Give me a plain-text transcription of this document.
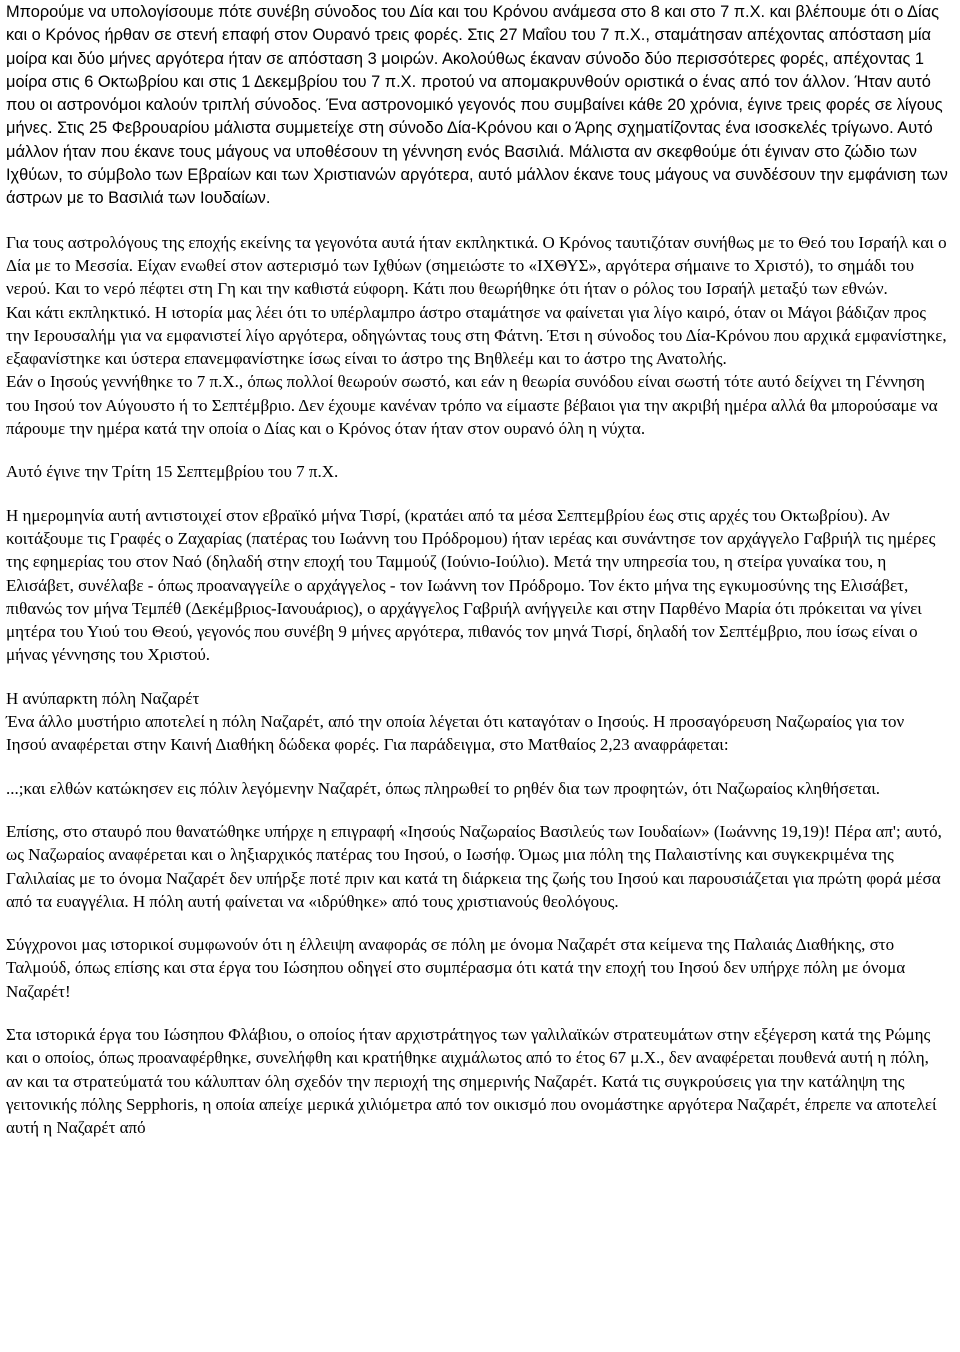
Μπορούμε να υπολογίσουμε πότε συνέβη σύνοδος του Δία και του Κρόνου ανάμεσα στο 8 και στο 7 π.Χ. και βλέπουμε ότι ο Δίας και ο Κρόνος ήρθαν σε στενή επαφή στον Ουρανό τρεις φορές. Στις 27 Μαΐου του 7 π.Χ., σταμάτησαν απέχοντας απόσταση μία μοίρα και δύο μήνες αργότερα ήταν σε απόσταση 3 μοιρών. Ακολούθως έκαναν σύνοδο δύο περισσότερες φορές, απέχοντας 1 μοίρα στις 6 Οκτωβρίου και στις 1 Δεκεμβρίου του 7 π.Χ. προτού να απομακρυνθούν οριστικά ο ένας από τον άλλον. Ήταν αυτό που οι αστρονόμοι καλούν τριπλή σύνοδος. Ένα αστρονομικό γεγονός που συμβαίνει κάθε 20 χρόνια, έγινε τρεις φορές σε λίγους μήνες. Στις 25 Φεβρουαρίου μάλιστα συμμετείχε στη σύνοδο Δία-Κρόνου και ο Άρης σχηματίζοντας ένα ισοσκελές τρίγωνο. Αυτό μάλλον ήταν που έκανε τους μάγους να υποθέσουν τη γέννηση ενός Βασιλιά. Μάλιστα αν σκεφθούμε ότι έγιναν στο ζώδιο των Ιχθύων, το σύμβολο των Εβραίων και των Χριστιανών αργότερα, αυτό μάλλον έκανε τους μάγους να συνδέσουν την εμφάνιση των άστρων με το Βασιλιά των Ιουδαίων.

Για τους αστρολόγους της εποχής εκείνης τα γεγονότα αυτά ήταν εκπληκτικά. Ο Κρόνος ταυτιζόταν συνήθως με το Θεό του Ισραήλ και ο Δία με το Μεσσία. Είχαν ενωθεί στον αστερισμό των Ιχθύων (σημειώστε το «ΙΧΘΥΣ», αργότερα σήμαινε το Χριστό), το σημάδι του νερού. Και το νερό πέφτει στη Γη και την καθιστά εύφορη. Κάτι που θεωρήθηκε ότι ήταν ο ρόλος του Ισραήλ μεταξύ των εθνών.

Και κάτι εκπληκτικό. Η ιστορία μας λέει ότι το υπέρλαμπρο άστρο σταμάτησε να φαίνεται για λίγο καιρό, όταν οι Μάγοι βάδιζαν προς την Ιερουσαλήμ για να εμφανιστεί λίγο αργότερα, οδηγώντας τους στη Φάτνη. Έτσι η σύνοδος του Δία-Κρόνου που αρχικά εμφανίστηκε, εξαφανίστηκε και ύστερα επανεμφανίστηκε ίσως είναι το άστρο της Βηθλεέμ και το άστρο της Ανατολής.

Εάν ο Ιησούς γεννήθηκε το 7 π.Χ., όπως πολλοί θεωρούν σωστό, και εάν η θεωρία συνόδου είναι σωστή τότε αυτό δείχνει τη Γέννηση του Ιησού τον Αύγουστο ή το Σεπτέμβριο. Δεν έχουμε κανέναν τρόπο να είμαστε βέβαιοι για την ακριβή ημέρα αλλά θα μπορούσαμε να πάρουμε την ημέρα κατά την οποία ο Δίας και ο Κρόνος όταν ήταν στον ουρανό όλη η νύχτα.

Αυτό έγινε την Τρίτη 15 Σεπτεμβρίου του 7 π.Χ.

Η ημερομηνία αυτή αντιστοιχεί στον εβραϊκό μήνα Τισρί, (κρατάει από τα μέσα Σεπτεμβρίου έως στις αρχές του Οκτωβρίου). Αν κοιτάξουμε τις Γραφές ο Ζαχαρίας (πατέρας του Ιωάννη του Πρόδρομου) ήταν ιερέας και συνάντησε τον αρχάγγελο Γαβριήλ τις ημέρες της εφημερίας του στον Ναό (δηλαδή στην εποχή του Ταμμούζ (Ιούνιο-Ιούλιο). Μετά την υπηρεσία του, η στείρα γυναίκα του, η Ελισάβετ, συνέλαβε - όπως προαναγγείλε ο αρχάγγελος - τον Ιωάννη τον Πρόδρομο. Τον έκτο μήνα της εγκυμοσύνης της Ελισάβετ, πιθανώς τον μήνα Τεμπέθ (Δεκέμβριος-Ιανουάριος), ο αρχάγγελος Γαβριήλ ανήγγειλε και στην Παρθένο Μαρία ότι πρόκειται να γίνει μητέρα του Υιού του Θεού, γεγονός που συνέβη 9 μήνες αργότερα, πιθανός τον μηνά Τισρί, δηλαδή τον Σεπτέμβριο, που ίσως είναι ο μήνας γέννησης του Χριστού.

Η ανύπαρκτη πόλη Ναζαρέτ

Ένα άλλο μυστήριο αποτελεί η πόλη Ναζαρέτ, από την οποία λέγεται ότι καταγόταν ο Ιησούς. Η προσαγόρευση Ναζωραίος για τον Ιησού αναφέρεται στην Καινή Διαθήκη δώδεκα φορές. Για παράδειγμα, στο Ματθαίος 2,23 αναφράφεται:

...;και ελθών κατώκησεν εις πόλιν λεγόμενην Ναζαρέτ, όπως πληρωθεί το ρηθέν δια των προφητών, ότι Ναζωραίος κληθήσεται.

Επίσης, στο σταυρό που θανατώθηκε υπήρχε η επιγραφή «Ιησούς Ναζωραίος Βασιλεύς των Ιουδαίων» (Ιωάννης 19,19)! Πέρα απ'; αυτό, ως Ναζωραίος αναφέρεται και ο ληξιαρχικός πατέρας του Ιησού, ο Ιωσήφ. Όμως μια πόλη της Παλαιστίνης και συγκεκριμένα της Γαλιλαίας με το όνομα Ναζαρέτ δεν υπήρξε ποτέ πριν και κατά τη διάρκεια της ζωής του Ιησού και παρουσιάζεται για πρώτη φορά μέσα από τα ευαγγέλια. Η πόλη αυτή φαίνεται να «ιδρύθηκε» από τους χριστιανούς θεολόγους.

Σύγχρονοι μας ιστορικοί συμφωνούν ότι η έλλειψη αναφοράς σε πόλη με όνομα Ναζαρέτ στα κείμενα της Παλαιάς Διαθήκης, στο Ταλμούδ, όπως επίσης και στα έργα του Ιώσηπου οδηγεί στο συμπέρασμα ότι κατά την εποχή του Ιησού δεν υπήρχε πόλη με όνομα Ναζαρέτ!

Στα ιστορικά έργα του Ιώσηπου Φλάβιου, ο οποίος ήταν αρχιστράτηγος των γαλιλαϊκών στρατευμάτων στην εξέγερση κατά της Ρώμης και ο οποίος, όπως προαναφέρθηκε, συνελήφθη και κρατήθηκε αιχμάλωτος από το έτος 67 μ.Χ., δεν αναφέρεται πουθενά αυτή η πόλη, αν και τα στρατεύματά του κάλυπταν όλη σχεδόν την περιοχή της σημερινής Ναζαρέτ. Κατά τις συγκρούσεις για την κατάληψη της γειτονικής πόλης Sepphoris, η οποία απείχε μερικά χιλιόμετρα από τον οικισμό που ονομάστηκε αργότερα Ναζαρέτ, έπρεπε να αποτελεί αυτή η Ναζαρέτ από
